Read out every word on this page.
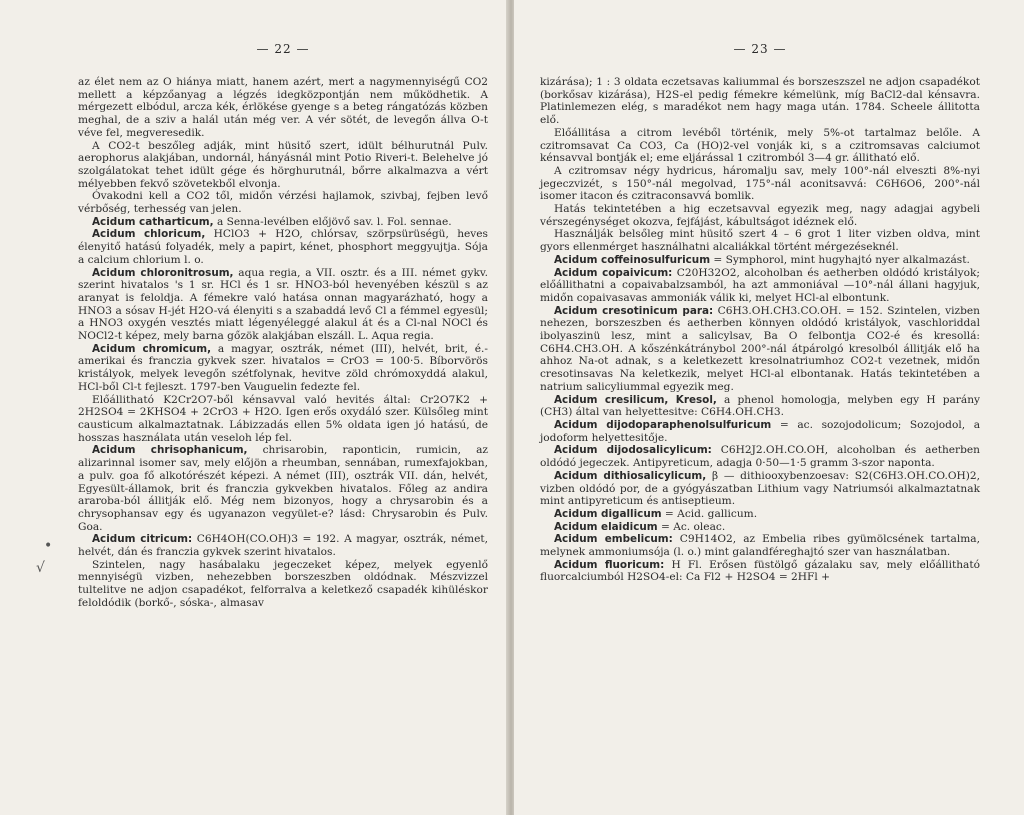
— 22 —

az élet nem az O hiánya miatt, hanem azért, mert a nagymennyiségű CO2 mellett a képzőanyag a légzés idegközpontján nem működhetik. A mérgezett elbódul, arcza kék, érlökése gyenge s a beteg rángatózás közben meghal, de a sziv a halál után még ver. A vér sötét, de levegőn állva O-t véve fel, megveresedik.

A CO2-t beszőleg adják, mint hüsitő szert, idült bélhurutnál Pulv. aerophorus alakjában, undornál, hányásnál mint Potio Riveri-t. Belehelve jó szolgálatokat tehet idült gége és hörghurutnál, bőrre alkalmazva a vért mélyebben fekvő szövetekből elvonja.

Óvakodni kell a CO2 től, midőn vérzési hajlamok, szivbaj, fejben levő vérbőség, terhesség van jelen.

Acidum catharticum, a Senna-levélben előjövő sav. l. Fol. sennae.

Acidum chloricum, HClO3 + H2O, chlórsav, szörpsürüségü, heves élenyitő hatású folyadék, mely a papirt, kénet, phosphort meggyujtja. Sója a calcium chlorium l. o.

Acidum chloronitrosum, aqua regia, a VII. osztr. és a III. német gykv. szerint hivatalos 's 1 sr. HCl és 1 sr. HNO3-ból hevenyében készül s az aranyat is feloldja. A fémekre való hatása onnan magyarázható, hogy a HNO3 a sósav H-jét H2O-vá élenyiti s a szabaddá levő Cl a fémmel egyesül; a HNO3 oxygén vesztés miatt légenyéleggé alakul át és a Cl-nal NOCl és NOCl2-t képez, mely barna gőzök alakjában elszáll. L. Aqua regia.

Acidum chromicum, a magyar, osztrák, német (III), helvét, brit, é.-amerikai és franczia gykvek szer. hivatalos = CrO3 = 100·5. Bíborvörös kristályok, melyek levegőn szétfolynak, hevitve zöld chrómoxyddá alakul, HCl-ből Cl-t fejleszt. 1797-ben Vauguelin fedezte fel.

Előállitható K2Cr2O7-ből kénsavval való hevités által: Cr2O7K2 + 2H2SO4 = 2KHSO4 + 2CrO3 + H2O. Igen erős oxydáló szer. Külsőleg mint causticum alkalmaztatnak. Lábizzadás ellen 5% oldata igen jó hatású, de hosszas használata után veseloh lép fel.

Acidum chrisophanicum, chrisarobin, raponticin, rumicin, az alizarinnal isomer sav, mely előjön a rheumban, sennában, rumexfajokban, a pulv. goa fő alkotórészét képezi. A német (III), osztrák VII. dán, helvét, Egyesült-államok, brit és franczia gykvekben hivatalos. Főleg az andira araroba-ból állitják elő. Még nem bizonyos, hogy a chrysarobin és a chrysophansav egy és ugyanazon vegyület-e? lásd: Chrysarobin és Pulv. Goa.

Acidum citricum: C6H4OH(CO.OH)3 = 192. A magyar, osztrák, német, helvét, dán és franczia gykvek szerint hivatalos.

Szintelen, nagy hasábalaku jegeczeket képez, melyek egyenlő mennyiségü vizben, nehezebben borszeszben oldódnak. Mészvizzel tultelitve ne adjon csapadékot, felforralva a keletkező csapadék kihüléskor feloldódik (borkő-, sóska-, almasav

•
√
— 23 —

kizárása); 1 : 3 oldata eczetsavas kaliummal és borszeszszel ne adjon csapadékot (borkősav kizárása), H2S-el pedig fémekre kémelünk, míg BaCl2-dal kénsavra. Platinlemezen elég, s maradékot nem hagy maga után. 1784. Scheele állitotta elő.

Előállitása a citrom levéből történik, mely 5%-ot tartalmaz belőle. A czitromsavat Ca CO3, Ca (HO)2-vel vonják ki, s a czitromsavas calciumot kénsavval bontják el; eme eljárással 1 czitromból 3—4 gr. állitható elő.

A czitromsav négy hydricus, háromalju sav, mely 100°-nál elveszti 8%-nyi jegeczvizét, s 150°-nál megolvad, 175°-nál aconitsavvá: C6H6O6, 200°-nál isomer itacon és czitraconsavvá bomlik.

Hatás tekintetében a hig eczetsavval egyezik meg, nagy adagjai agybeli vérszegénységet okozva, fejfájást, kábultságot idéznek elő.

Használják belsőleg mint hüsitő szert 4 – 6 grot 1 liter vizben oldva, mint gyors ellenmérget használhatni alcaliákkal történt mérgezéseknél.

Acidum coffeinosulfuricum = Symphorol, mint hugyhajtó nyer alkalmazást.

Acidum copaivicum: C20H32O2, alcoholban és aetherben oldódó kristályok; előállithatni a copaivabalzsamból, ha azt ammoniával —10°-nál állani hagyjuk, midőn copaivasavas ammoniák válik ki, melyet HCl-al elbontunk.

Acidum cresotinicum para: C6H3.OH.CH3.CO.OH. = 152. Szintelen, vizben nehezen, borszeszben és aetherben könnyen oldódó kristályok, vaschloriddal ibolyaszinü lesz, mint a salicylsav, Ba O felbontja CO2-é és kresollá: C6H4.CH3.OH. A kőszénkátránybol 200°-nál átpárolgó kresolból állitják elő ha ahhoz Na-ot adnak, s a keletkezett kresolnatriumhoz CO2-t vezetnek, midőn cresotinsavas Na keletkezik, melyet HCl-al elbontanak. Hatás tekintetében a natrium salicyliummal egyezik meg.

Acidum cresilicum, Kresol, a phenol homologja, melyben egy H parány (CH3) által van helyettesitve: C6H4.OH.CH3.

Acidum dijodoparaphenolsulfuricum = ac. sozojodolicum; Sozojodol, a jodoform helyettesitője.

Acidum dijodosalicylicum: C6H2J2.OH.CO.OH, alcoholban és aetherben oldódó jegeczek. Antipyreticum, adagja 0·50—1·5 gramm 3-szor naponta.

Acidum dithiosalicylicum, β — dithiooxybenzoesav: S2(C6H3.OH.CO.OH)2, vizben oldódó por, de a gyógyászatban Lithium vagy Natriumsói alkalmaztatnak mint antipyreticum és antiseptieum.

Acidum digallicum = Acid. gallicum.

Acidum elaidicum = Ac. oleac.

Acidum embelicum: C9H14O2, az Embelia ribes gyümölcsének tartalma, melynek ammoniumsója (l. o.) mint galandféreghajtó szer van használatban.

Acidum fluoricum: H Fl. Erősen füstölgő gázalaku sav, mely előállitható fluorcalciumból H2SO4-el: Ca Fl2 + H2SO4 = 2HFl +
